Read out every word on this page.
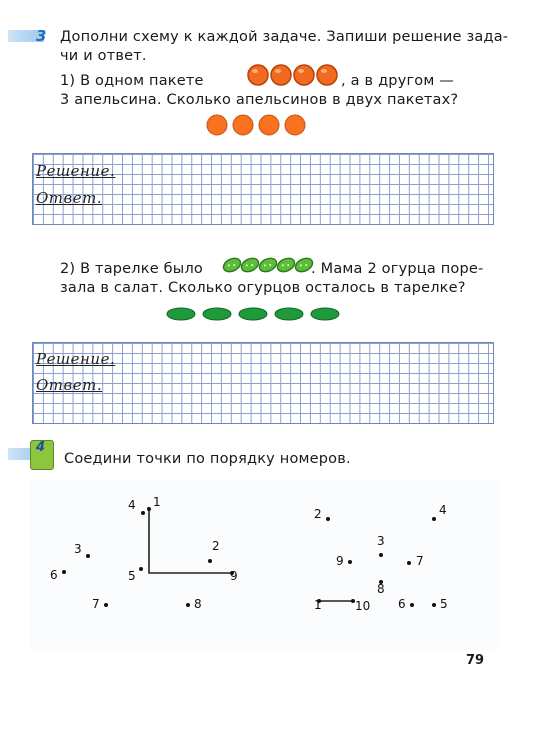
3 Дополни схему к каждой задаче. Запиши решение зада-
чи и ответ.
1) В одном пакете	, а в другом —
3 апельсина. Сколько апельсинов в двух пакетах?
Решение.
Ответ.
2) В тарелке было	. Мама 2 огурца поре-
зала в салат. Сколько огурцов осталось в тарелке?
Решение.
Ответ.
4
Соедини точки по порядку номеров.
1
2
3
4
5
6
7	8
9
1
2
3
4
5
6
7
8
9
10
79
